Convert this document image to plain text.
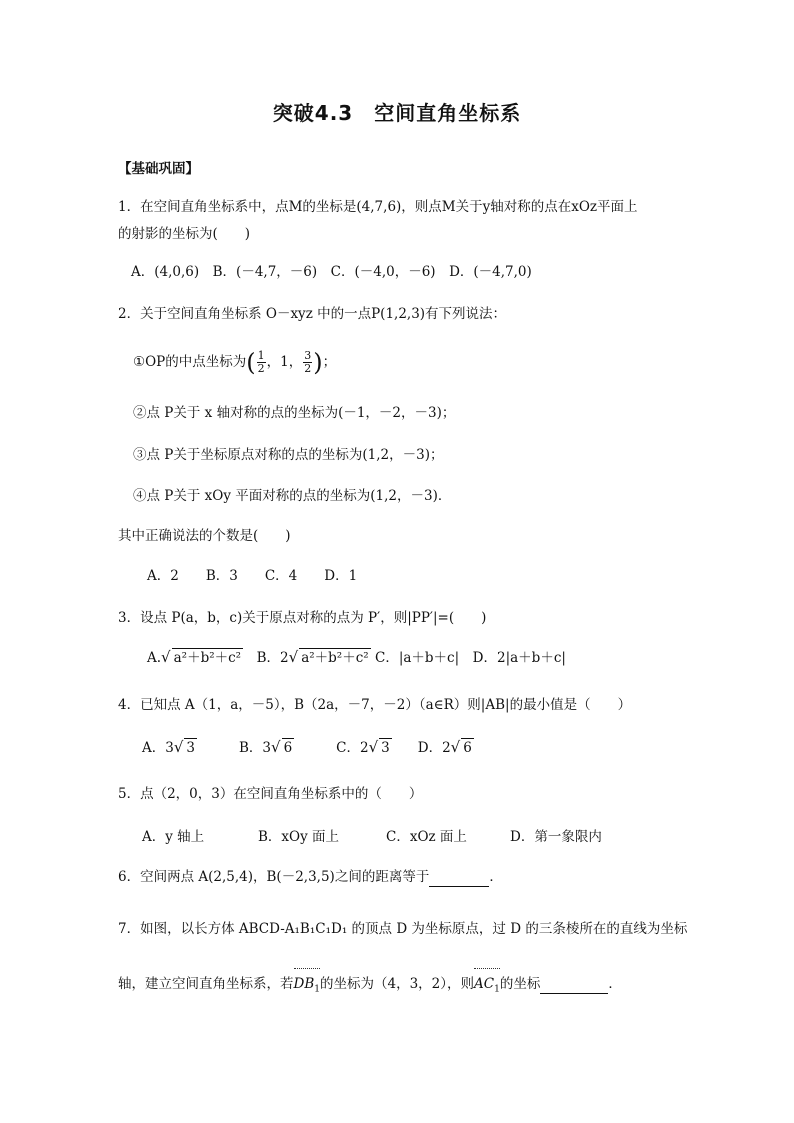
突破4.3　空间直角坐标系
【基础巩固】
1．在空间直角坐标系中，点M的坐标是(4,7,6)，则点M关于y轴对称的点在xOz平面上
的射影的坐标为(　　)
A．(4,0,6)　B．(－4,7，－6)　C．(－4,0，－6)　D．(－4,7,0)
2．关于空间直角坐标系 O－xyz 中的一点P(1,2,3)有下列说法：
①OP的中点坐标为( $\frac{1}{2}$ ，1， $\frac{3}{2}$ )；
②点 P关于 x 轴对称的点的坐标为(－1，－2，－3)；
③点 P关于坐标原点对称的点的坐标为(1,2，－3)；
④点 P关于 xOy 平面对称的点的坐标为(1,2，－3)．
其中正确说法的个数是(　　)
A．2　　B．3　　C．4　　D．1
3．设点 P(a，b，c)关于原点对称的点为 P′，则|PP′|=(　　)
A.√ a²＋b²＋c²　B．2√ a²＋b²＋c² C．|a＋b＋c|　D．2|a＋b＋c|
4．已知点 A（1，a，－5），B（2a，－7，－2）（a∈R）则|AB|的最小值是（　　）
A．3√ 3	B．3√ 6	C．2√ 3 D．2√ 6
5．点（2，0，3）在空间直角坐标系中的（　　）
A．y 轴上	B．xOy 面上	C．xOz 面上	D．第一象限内
6．空间两点 A(2,5,4)，B(－2,3,5)之间的距离等于	．
7．如图，以长方体 ABCD-A₁B₁C₁D₁ 的顶点 D 为坐标原点，过 D 的三条棱所在的直线为坐标
轴，建立空间直角坐标系，若$DB_1$的坐标为（4，3，2），则$AC_1$的坐标	．
